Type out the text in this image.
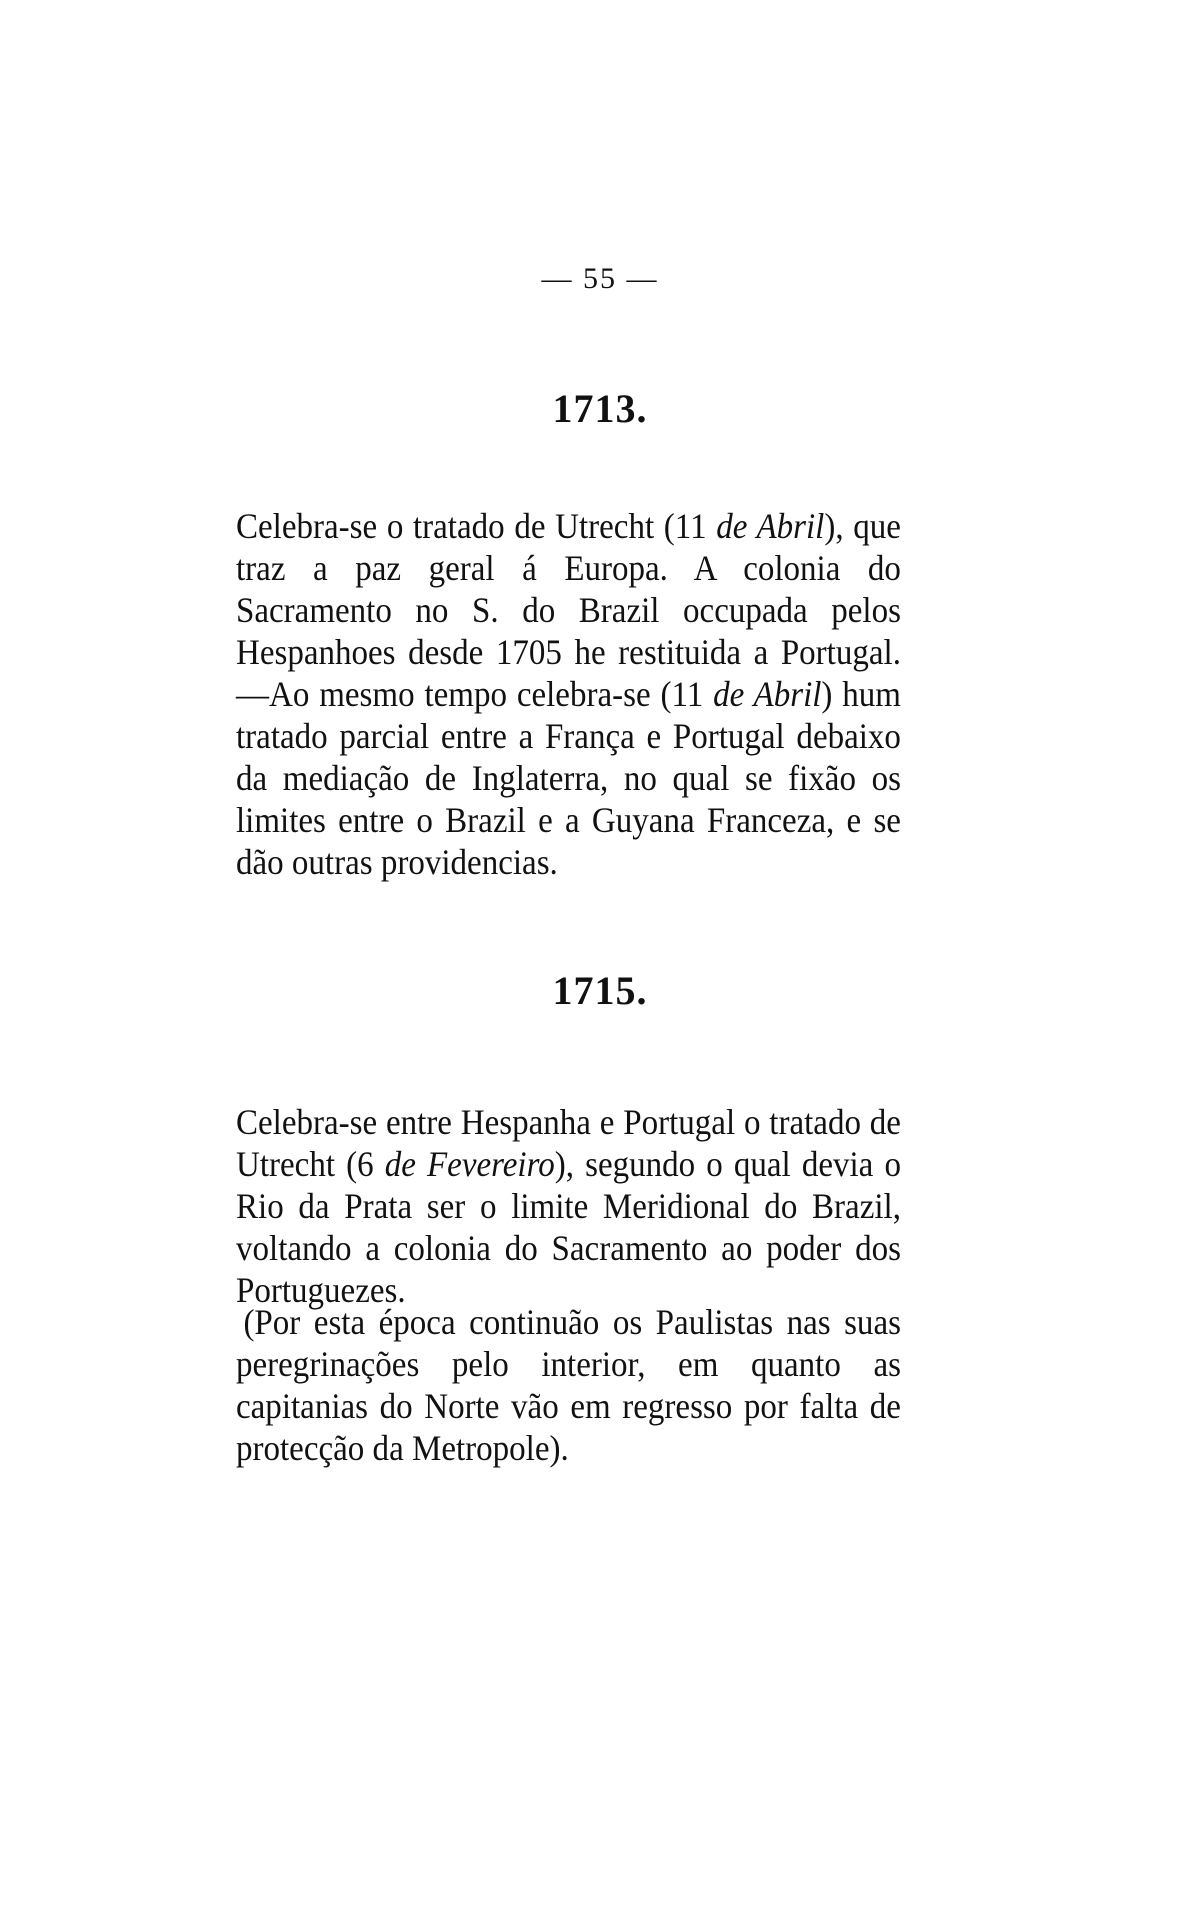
— 55 —
1713.

Celebra-se o tratado de Utrecht (11 de Abril), que traz a paz geral á Europa. A colonia do Sacramento no S. do Brazil occupada pelos Hespanhoes desde 1705 he restituida a Portugal.—Ao mesmo tempo celebra-se (11 de Abril) hum tratado parcial entre a França e Portugal debaixo da mediação de Inglaterra, no qual se fixão os limites entre o Brazil e a Guyana Franceza, e se dão outras providencias.

1715.

Celebra-se entre Hespanha e Portugal o tratado de Utrecht (6 de Fevereiro), segundo o qual devia o Rio da Prata ser o limite Meridional do Brazil, voltando a colonia do Sacramento ao poder dos Portuguezes.

(Por esta época continuão os Paulistas nas suas peregrinações pelo interior, em quanto as capitanias do Norte vão em regresso por falta de protecção da Metropole).
